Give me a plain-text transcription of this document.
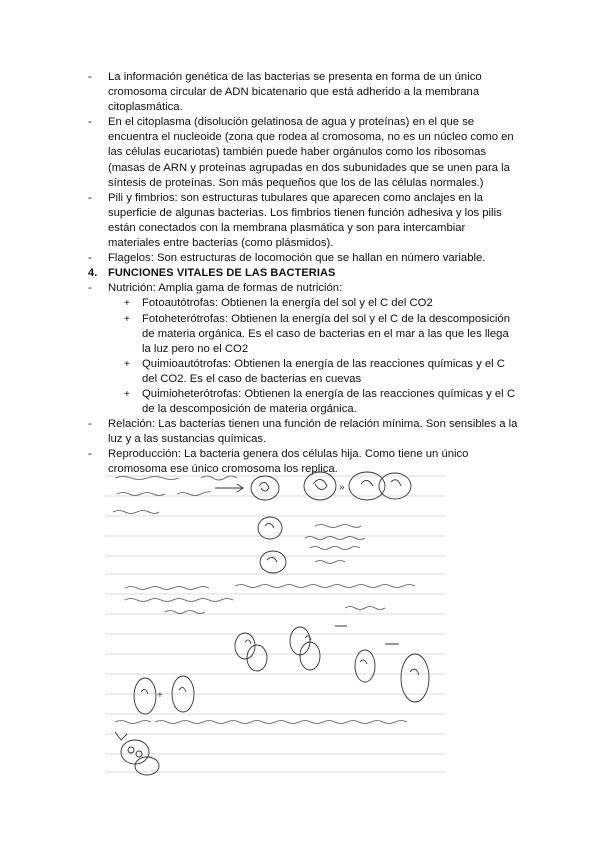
- La información genética de las bacterias se presenta en forma de un único cromosoma circular de ADN bicatenario que está adherido a la membrana citoplasmática.
- En el citoplasma (disolución gelatinosa de agua y proteínas) en el que se encuentra el nucleoide (zona que rodea al cromosoma, no es un núcleo como en las células eucariotas) también puede haber orgánulos como los ribosomas (masas de ARN y proteínas agrupadas en dos subunidades que se unen para la síntesis de proteínas. Son más pequeños que los de las células normales.)
- Pili y fimbrios: son estructuras tubulares que aparecen como anclajes en la superficie de algunas bacterias. Los fimbrios tienen función adhesiva y los pilis están conectados con la membrana plasmática y son para intercambiar materiales entre bacterias (como plásmidos).
- Flagelos: Son estructuras de locomoción que se hallan en número variable.
4. FUNCIONES VITALES DE LAS BACTERIAS
- Nutrición: Amplia gama de formas de nutrición:
+ Fotoautótrofas: Obtienen la energía del sol y el C del CO2
+ Fotoheterótrofas: Obtienen la energía del sol y el C de la descomposición de materia orgánica. Es el caso de bacterias en el mar a las que les llega la luz pero no el CO2
+ Quimioautótrofas: Obtienen la energía de las reacciones químicas y el C del CO2. Es el caso de bacterias en cuevas
+ Quimioheterótrofas: Obtienen la energía de las reacciones químicas y el C de la descomposición de materia orgánica.
- Relación: Las bacterias tienen una función de relación mínima. Son sensibles a la luz y a las sustancias químicas.
- Reproducción: La bacteria genera dos células hija. Como tiene un único cromosoma ese único cromosoma los replica.
»
+
